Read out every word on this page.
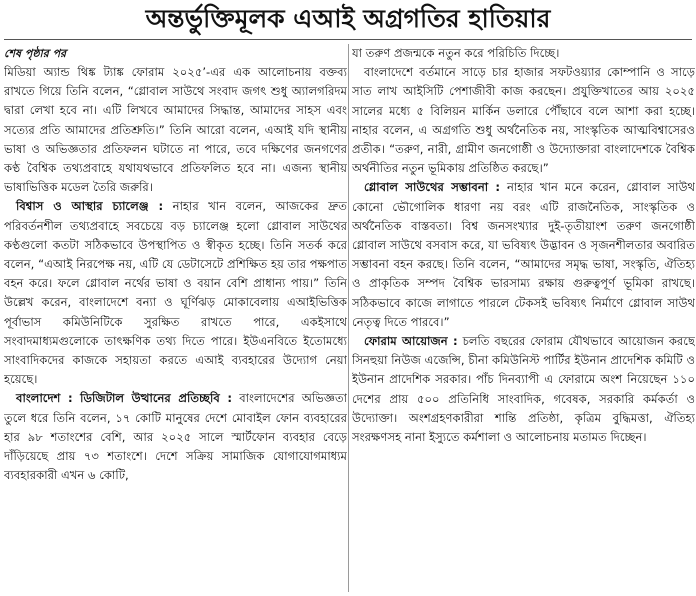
অন্তর্ভুক্তিমূলক এআই অগ্রগতির হাতিয়ার
শেষ পৃষ্ঠার পর

মিডিয়া অ্যান্ড থিঙ্ক ট্যাঙ্ক ফোরাম ২০২৫’-এর এক আলোচনায় বক্তব্য রাখতে গিয়ে তিনি বলেন, “গ্লোবাল সাউথে সংবাদ জগৎ শুধু অ্যালগরিদম দ্বারা লেখা হবে না। এটি লিখবে আমাদের সিদ্ধান্ত, আমাদের সাহস এবং সত্যের প্রতি আমাদের প্রতিশ্রুতি।” তিনি আরো বলেন, এআই যদি স্থানীয় ভাষা ও অভিজ্ঞতার প্রতিফলন ঘটাতে না পারে, তবে দক্ষিণের জনগণের কণ্ঠ বৈশ্বিক তথ্যপ্রবাহে যথাযথভাবে প্রতিফলিত হবে না। এজন্য স্থানীয় ভাষাভিত্তিক মডেল তৈরি জরুরি।

বিশ্বাস ও আস্থার চ্যালেঞ্জ : নাহার খান বলেন, আজকের দ্রুত পরিবর্তনশীল তথ্যপ্রবাহে সবচেয়ে বড় চ্যালেঞ্জ হলো গ্লোবাল সাউথের কণ্ঠগুলো কতটা সঠিকভাবে উপস্থাপিত ও স্বীকৃত হচ্ছে। তিনি সতর্ক করে বলেন, “এআই নিরপেক্ষ নয়, এটি যে ডেটাসেটে প্রশিক্ষিত হয় তার পক্ষপাত বহন করে। ফলে গ্লোবাল নর্থের ভাষা ও বয়ান বেশি প্রাধান্য পায়।” তিনি উল্লেখ করেন, বাংলাদেশে বন্যা ও ঘূর্ণিঝড় মোকাবেলায় এআইভিত্তিক পূর্বাভাস কমিউনিটিকে সুরক্ষিত রাখতে পারে, একইসাথে সংবাদমাধ্যমগুলোকে তাৎক্ষণিক তথ্য দিতে পারে। ইউএনবিতে ইতোমধ্যে সাংবাদিকদের কাজকে সহায়তা করতে এআই ব্যবহারের উদ্যোগ নেয়া হয়েছে।

বাংলাদেশ : ডিজিটাল উত্থানের প্রতিচ্ছবি : বাংলাদেশের অভিজ্ঞতা তুলে ধরে তিনি বলেন, ১৭ কোটি মানুষের দেশে মোবাইল ফোন ব্যবহারের হার ৯৮ শতাংশের বেশি, আর ২০২৫ সালে স্মার্টফোন ব্যবহার বেড়ে দাঁড়িয়েছে প্রায় ৭৩ শতাংশে। দেশে সক্রিয় সামাজিক যোগাযোগমাধ্যম ব্যবহারকারী এখন ৬ কোটি,

যা তরুণ প্রজন্মকে নতুন করে পরিচিতি দিচ্ছে।

বাংলাদেশে বর্তমানে সাড়ে চার হাজার সফটওয়্যার কোম্পানি ও সাড়ে সাত লাখ আইসিটি পেশাজীবী কাজ করছেন। প্রযুক্তিখাতের আয় ২০২৫ সালের মধ্যে ৫ বিলিয়ন মার্কিন ডলারে পৌঁছাবে বলে আশা করা হচ্ছে। নাহার বলেন, এ অগ্রগতি শুধু অর্থনৈতিক নয়, সাংস্কৃতিক আত্মবিশ্বাসেরও প্রতীক। “তরুণ, নারী, গ্রামীণ জনগোষ্ঠী ও উদ্যোক্তারা বাংলাদেশকে বৈশ্বিক অর্থনীতির নতুন ভূমিকায় প্রতিষ্ঠিত করছে।”

গ্লোবাল সাউথের সম্ভাবনা : নাহার খান মনে করেন, গ্লোবাল সাউথ কোনো ভৌগোলিক ধারণা নয় বরং এটি রাজনৈতিক, সাংস্কৃতিক ও অর্থনৈতিক বাস্তবতা। বিশ্ব জনসংখ্যার দুই-তৃতীয়াংশ তরুণ জনগোষ্ঠী গ্লোবাল সাউথে বসবাস করে, যা ভবিষ্যৎ উদ্ভাবন ও সৃজনশীলতার অবারিত সম্ভাবনা বহন করছে। তিনি বলেন, “আমাদের সমৃদ্ধ ভাষা, সংস্কৃতি, ঐতিহ্য ও প্রাকৃতিক সম্পদ বৈশ্বিক ভারসাম্য রক্ষায় গুরুত্বপূর্ণ ভূমিকা রাখছে। সঠিকভাবে কাজে লাগাতে পারলে টেকসই ভবিষ্যৎ নির্মাণে গ্লোবাল সাউথ নেতৃত্ব দিতে পারবে।”

ফোরাম আয়োজন : চলতি বছরের ফোরাম যৌথভাবে আয়োজন করছে সিনহুয়া নিউজ এজেন্সি, চীনা কমিউনিস্ট পার্টির ইউনান প্রাদেশিক কমিটি ও ইউনান প্রাদেশিক সরকার। পাঁচ দিনব্যাপী এ ফোরামে অংশ নিয়েছেন ১১০ দেশের প্রায় ৫০০ প্রতিনিধি সাংবাদিক, গবেষক, সরকারি কর্মকর্তা ও উদ্যোক্তা। অংশগ্রহণকারীরা শান্তি প্রতিষ্ঠা, কৃত্রিম বুদ্ধিমত্তা, ঐতিহ্য সংরক্ষণসহ নানা ইস্যুতে কর্মশালা ও আলোচনায় মতামত দিচ্ছেন।
